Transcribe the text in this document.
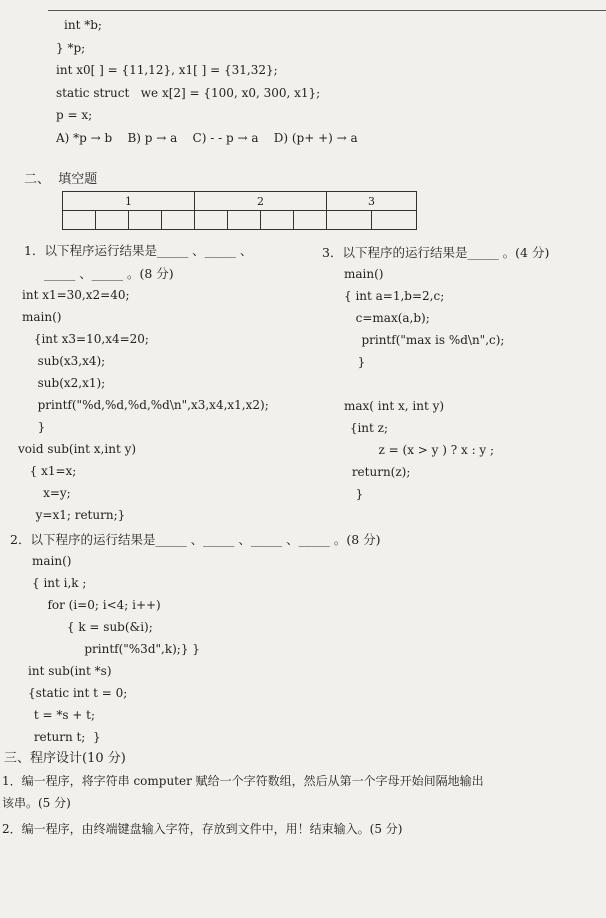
int *b;
} *p;
int x0[ ] = {11,12}, x1[ ] = {31,32};
static struct   we x[2] = {100, x0, 300, x1};
p = x;
A) *p → b    B) p → a    C) - - p → a    D) (p+ +) → a
二、  填空题
1				2				3	

1．以下程序运行结果是_____ 、_____ 、
_____ 、_____ 。(8 分)
int x1=30,x2=40;
main()
{int x3=10,x4=20;
sub(x3,x4);
sub(x2,x1);
printf("%d,%d,%d,%d\n",x3,x4,x1,x2);
}
void sub(int x,int y)
{ x1=x;
x=y;
y=x1; return;}
3．以下程序的运行结果是_____ 。(4 分)
main()
{ int a=1,b=2,c;
c=max(a,b);
printf("max is %d\n",c);
}
max( int x, int y)
{int z;
z = (x > y ) ? x : y ;
return(z);
}
2．以下程序的运行结果是_____ 、_____ 、_____ 、_____ 。(8 分)
main()
{ int i,k ;
for (i=0; i<4; i++)
{ k = sub(&i);
printf("%3d",k);} }
int sub(int *s)
{static int t = 0;
t = *s + t;
return t;  }
三、程序设计(10 分)
1．编一程序，将字符串 computer 赋给一个字符数组，然后从第一个字母开始间隔地输出
该串。(5 分)
2．编一程序，由终端键盘输入字符，存放到文件中，用！结束输入。(5 分)
